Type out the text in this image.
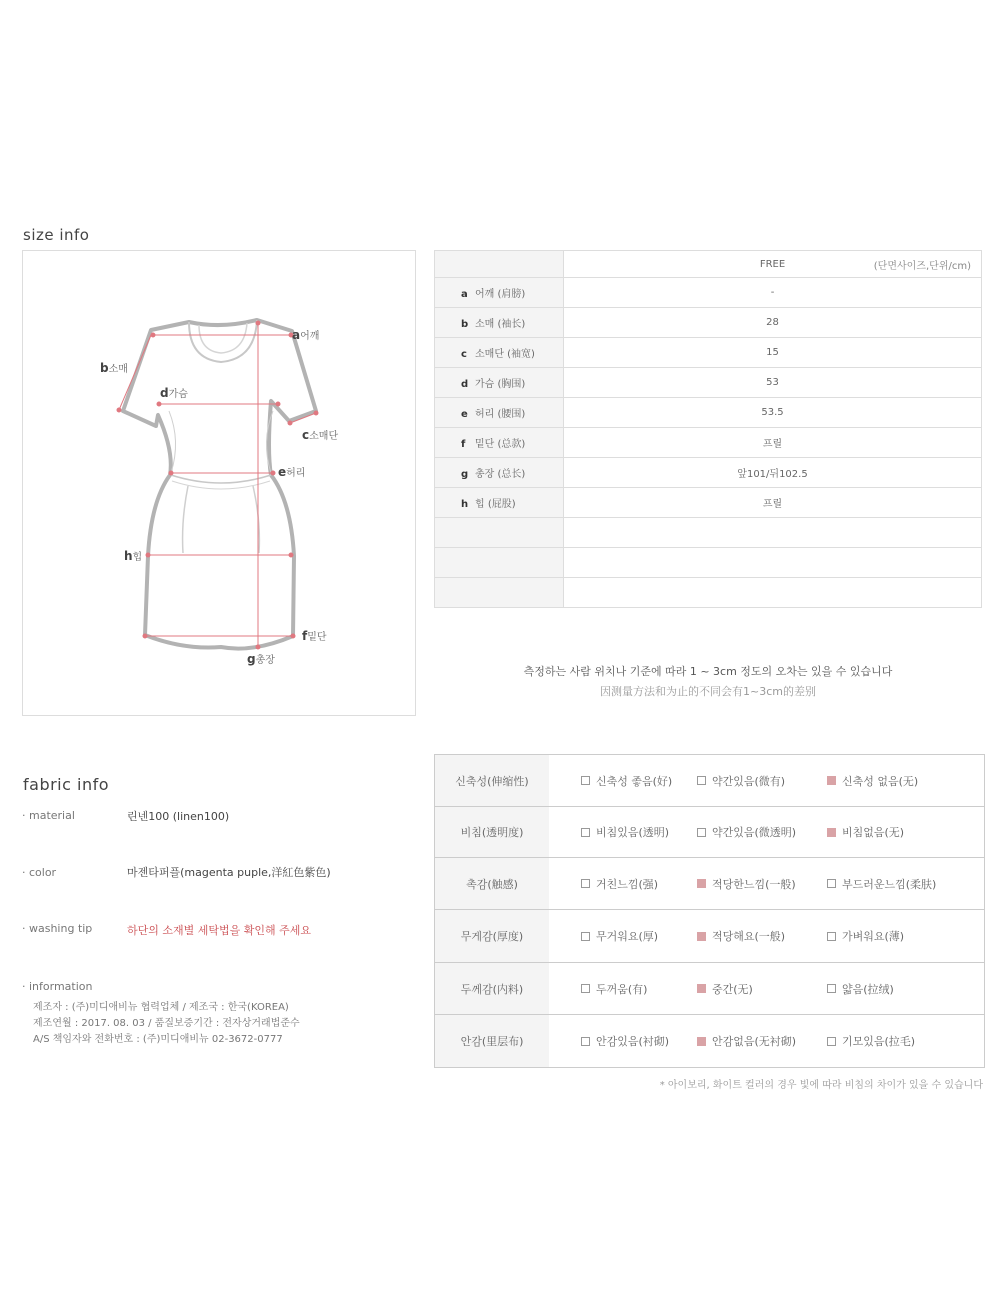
size info
a어깨
b소매
c소매단
d가슴
e허리
f밑단
g총장
h힙
	FREE (단면사이즈,단위/cm)

a 어깨 (肩膀)	-
b 소매 (袖长)	28
c 소매단 (袖宽)	15
d 가슴 (胸围)	53
e 허리 (腰围)	53.5
f 밑단 (总款)	프릴
g 총장 (总长)	앞101/뒤102.5
h 힙 (屁股)	프릴

측정하는 사람 위치나 기준에 따라 1 ~ 3cm 정도의 오차는 있을 수 있습니다
因测量方法和为止的不同会有1~3cm的差别
fabric info
· material	린넨100 (linen100)
· color	마젠타퍼플(magenta puple,洋紅色紫色)
· washing tip	하단의 소재별 세탁법을 확인해 주세요
· information
제조자 : (주)미디애비뉴 협력업체 / 제조국 : 한국(KOREA)
제조연월 : 2017. 08. 03 / 품질보증기간 : 전자상거래법준수
A/S 책임자와 전화번호 : (주)미디애비뉴 02-3672-0777
신축성(伸缩性)	신축성 좋음(好)	약간있음(微有)	신축성 없음(无)
비침(透明度)	비침있음(透明)	약간있음(微透明)	비침없음(无)
촉감(触感)	거친느낌(强)	적당한느낌(一般)	부드러운느낌(柔肤)
무게감(厚度)	무거워요(厚)	적당해요(一般)	가벼워요(薄)
두께감(内料)	두꺼움(有)	중간(无)	얇음(拉绒)
안감(里层布)	안감있음(衬砌)	안감없음(无衬砌)	기모있음(拉毛)
* 아이보리, 화이트 컬러의 경우 빛에 따라 비침의 차이가 있을 수 있습니다
